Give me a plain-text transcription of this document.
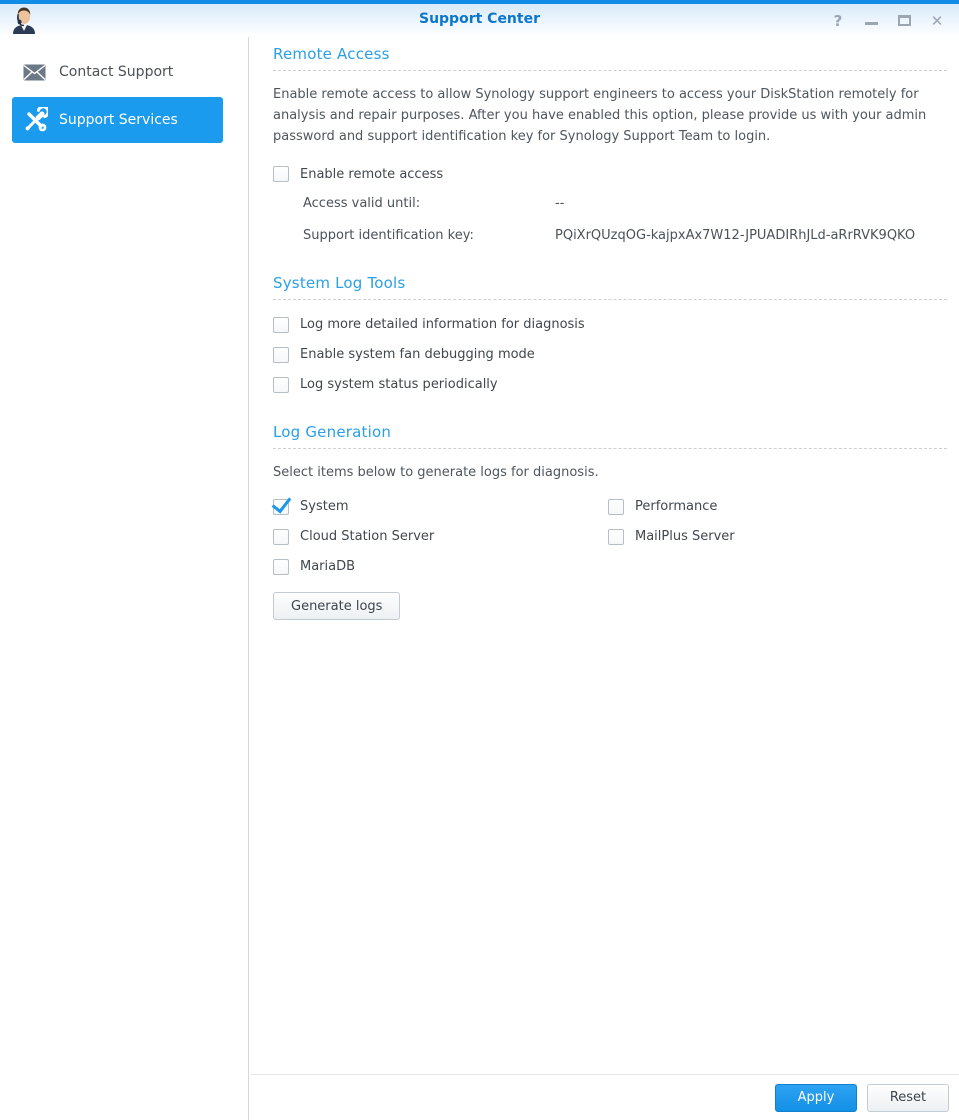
Support Center	?	✕
Contact Support
Support Services
Remote Access

Enable remote access to allow Synology support engineers to access your DiskStation remotely for analysis and repair purposes. After you have enabled this option, please provide us with your admin password and support identification key for Synology Support Team to login.

Enable remote access
Access valid until:	--
Support identification key:	PQiXrQUzqOG-kajpxAx7W12-JPUADIRhJLd-aRrRVK9QKO
System Log Tools
Log more detailed information for diagnosis
Enable system fan debugging mode
Log system status periodically
Log Generation

Select items below to generate logs for diagnosis.

System	Performance
Cloud Station Server	MailPlus Server
MariaDB
Generate logs
Apply	Reset
